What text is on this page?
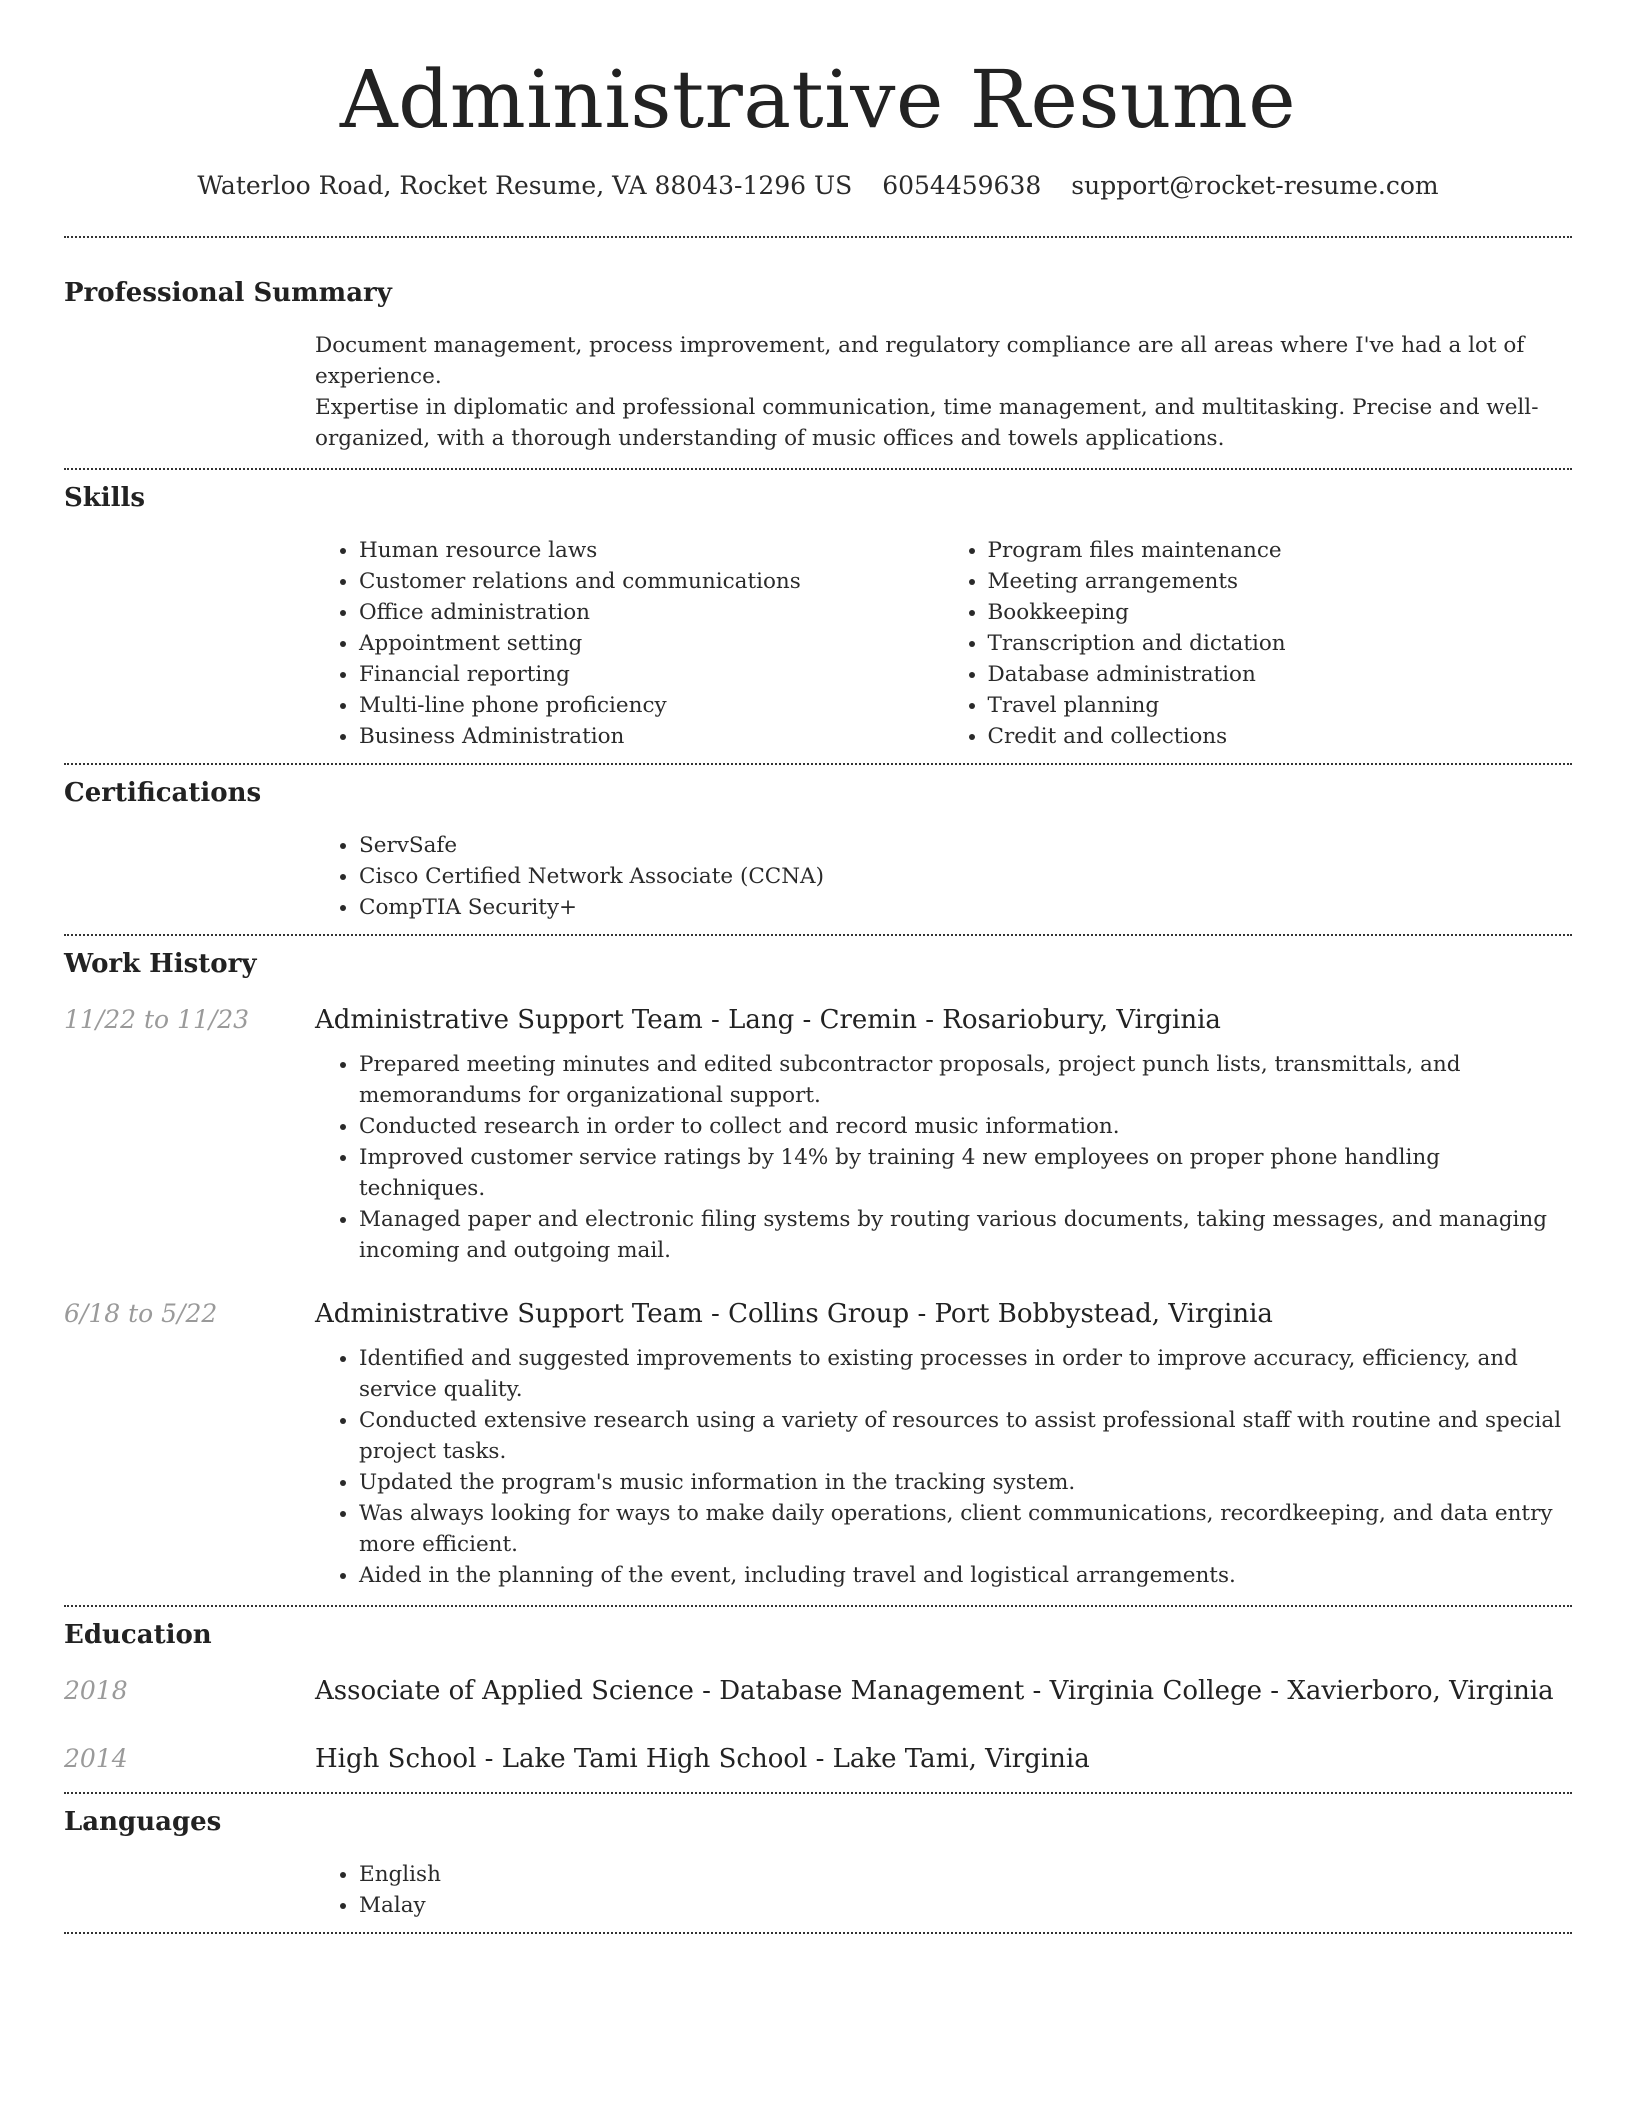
Administrative Resume
Waterloo Road, Rocket Resume, VA 88043-1296 US 6054459638 support@rocket-resume.com
Professional Summary
Document management, process improvement, and regulatory compliance are all areas where I've had a lot of experience.
Expertise in diplomatic and professional communication, time management, and multitasking. Precise and well-
organized, with a thorough understanding of music offices and towels applications.
Skills
• Human resource laws
• Customer relations and communications
• Office administration
• Appointment setting
• Financial reporting
• Multi-line phone proficiency
• Business Administration
• Program files maintenance
• Meeting arrangements
• Bookkeeping
• Transcription and dictation
• Database administration
• Travel planning
• Credit and collections
Certifications
• ServSafe
• Cisco Certified Network Associate (CCNA)
• CompTIA Security+
Work History
11/22 to 11/23	Administrative Support Team - Lang - Cremin - Rosariobury, Virginia
• Prepared meeting minutes and edited subcontractor proposals, project punch lists, transmittals, and memorandums for organizational support.
• Conducted research in order to collect and record music information.
• Improved customer service ratings by 14% by training 4 new employees on proper phone handling techniques.
• Managed paper and electronic filing systems by routing various documents, taking messages, and managing incoming and outgoing mail.
6/18 to 5/22	Administrative Support Team - Collins Group - Port Bobbystead, Virginia
• Identified and suggested improvements to existing processes in order to improve accuracy, efficiency, and service quality.
• Conducted extensive research using a variety of resources to assist professional staff with routine and special project tasks.
• Updated the program's music information in the tracking system.
• Was always looking for ways to make daily operations, client communications, recordkeeping, and data entry more efficient.
• Aided in the planning of the event, including travel and logistical arrangements.
Education
2018	Associate of Applied Science - Database Management - Virginia College - Xavierboro, Virginia
2014	High School - Lake Tami High School - Lake Tami, Virginia
Languages
• English
• Malay
